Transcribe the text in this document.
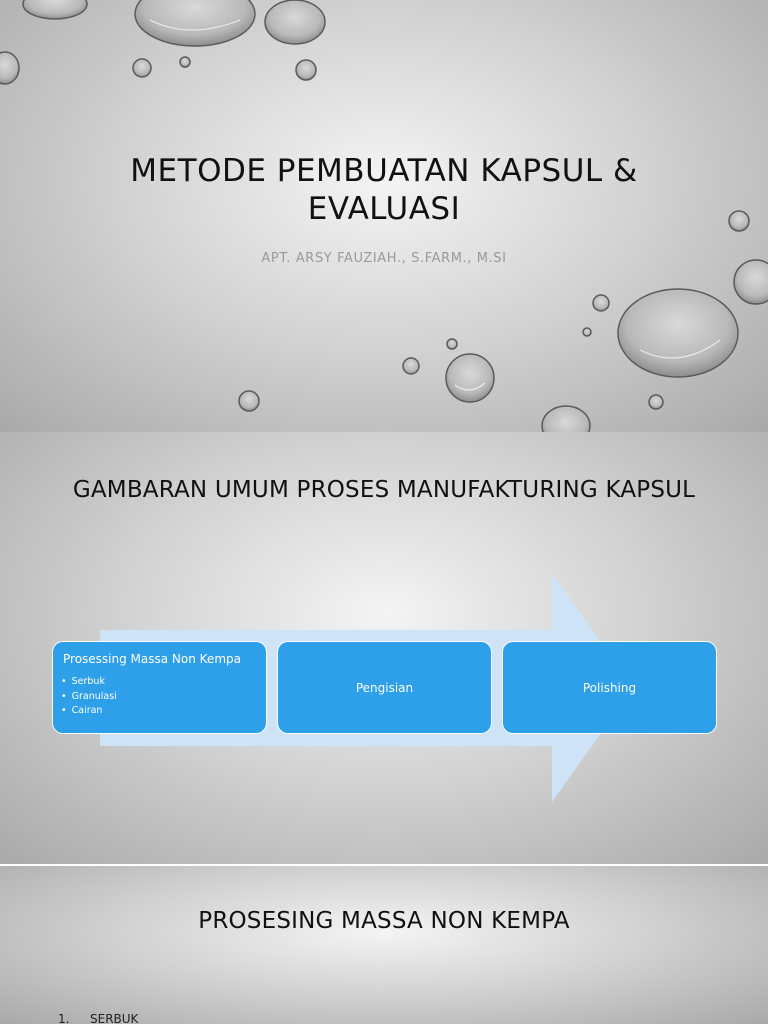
METODE PEMBUATAN KAPSUL &
EVALUASI
APT. ARSY FAUZIAH., S.FARM., M.SI
GAMBARAN UMUM PROSES MANUFAKTURING KAPSUL
Prosessing Massa Non Kempa
• Serbuk
• Granulasi
• Cairan
Pengisian	Polishing
PROSESING MASSA NON KEMPA
1. SERBUK
